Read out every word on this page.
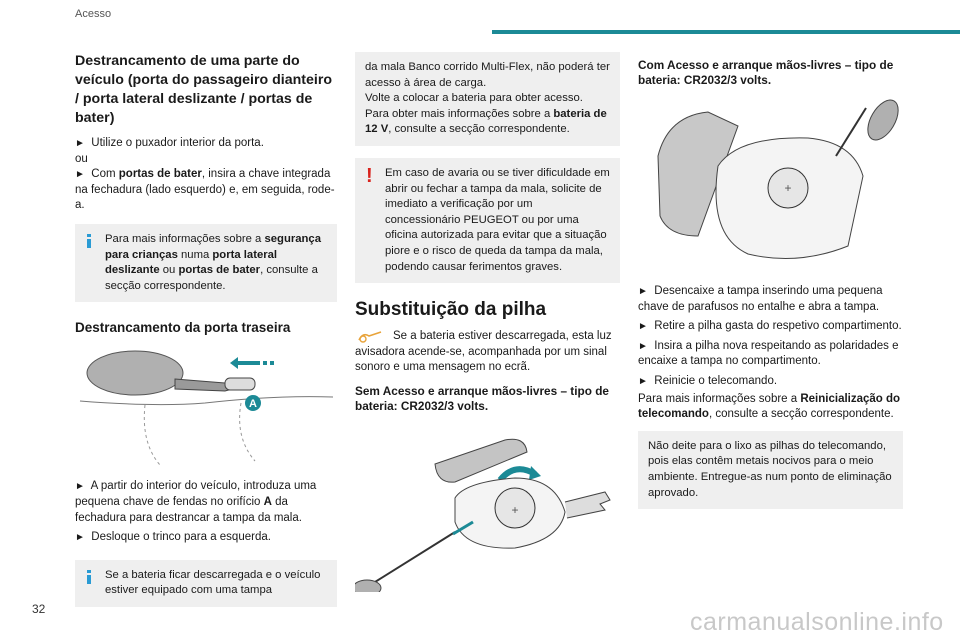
Acesso
Destrancamento de uma parte do veículo (porta do passageiro dianteiro / porta lateral deslizante / portas de bater)

► Utilize o puxador interior da porta.

ou

► Com portas de bater, insira a chave integrada na fechadura (lado esquerdo) e, em seguida, rode-a.

Para mais informações sobre a segurança para crianças numa porta lateral deslizante ou portas de bater, consulte a secção correspondente.
Destrancamento da porta traseira
A

► A partir do interior do veículo, introduza uma pequena chave de fendas no orifício A da fechadura para destrancar a tampa da mala.

► Desloque o trinco para a esquerda.

Se a bateria ficar descarregada e o veículo estiver equipado com uma tampa
da mala Banco corrido Multi-Flex, não poderá ter acesso à área de carga.
Volte a colocar a bateria para obter acesso.
Para obter mais informações sobre a bateria de 12 V, consulte a secção correspondente.
! Em caso de avaria ou se tiver dificuldade em abrir ou fechar a tampa da mala, solicite de imediato a verificação por um concessionário PEUGEOT ou por uma oficina autorizada para evitar que a situação piore e o risco de queda da tampa da mala, podendo causar ferimentos graves.
Substituição da pilha

Se a bateria estiver descarregada, esta luz avisadora acende-se, acompanhada por um sinal sonoro e uma mensagem no ecrã.

Sem Acesso e arranque mãos-livres – tipo de bateria: CR2032/3 volts.
+
Com Acesso e arranque mãos-livres – tipo de bateria: CR2032/3 volts.
+

► Desencaixe a tampa inserindo uma pequena chave de parafusos no entalhe e abra a tampa.

► Retire a pilha gasta do respetivo compartimento.

► Insira a pilha nova respeitando as polaridades e encaixe a tampa no compartimento.

► Reinicie o telecomando.

Para mais informações sobre a Reinicialização do telecomando, consulte a secção correspondente.

Não deite para o lixo as pilhas do telecomando, pois elas contêm metais nocivos para o meio ambiente. Entregue-as num ponto de eliminação aprovado.
32	carmanualsonline.info
